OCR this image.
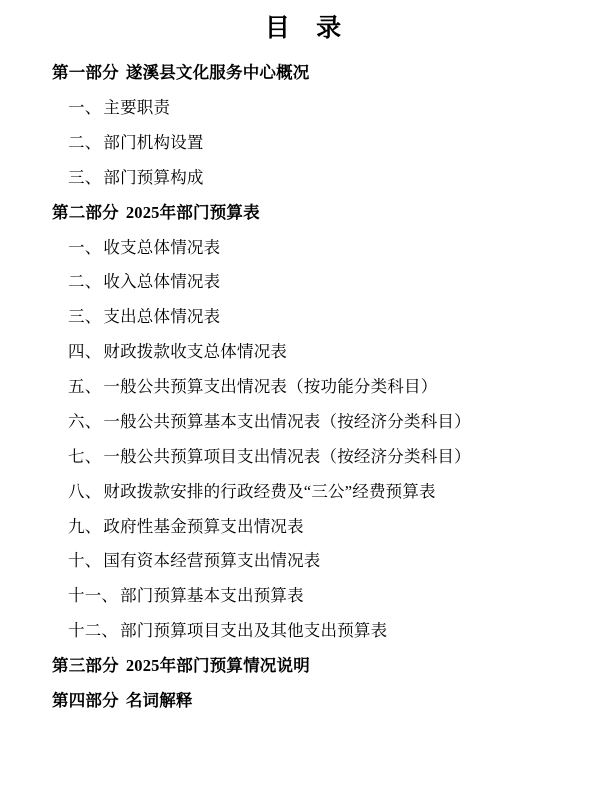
目 录
第一部分 遂溪县文化服务中心概况
一、 主要职责
二、 部门机构设置
三、 部门预算构成
第二部分 2025年部门预算表
一、 收支总体情况表
二、 收入总体情况表
三、 支出总体情况表
四、 财政拨款收支总体情况表
五、 一般公共预算支出情况表（按功能分类科目）
六、 一般公共预算基本支出情况表（按经济分类科目）
七、 一般公共预算项目支出情况表（按经济分类科目）
八、 财政拨款安排的行政经费及“三公”经费预算表
九、 政府性基金预算支出情况表
十、 国有资本经营预算支出情况表
十一、 部门预算基本支出预算表
十二、 部门预算项目支出及其他支出预算表
第三部分 2025年部门预算情况说明
第四部分 名词解释
